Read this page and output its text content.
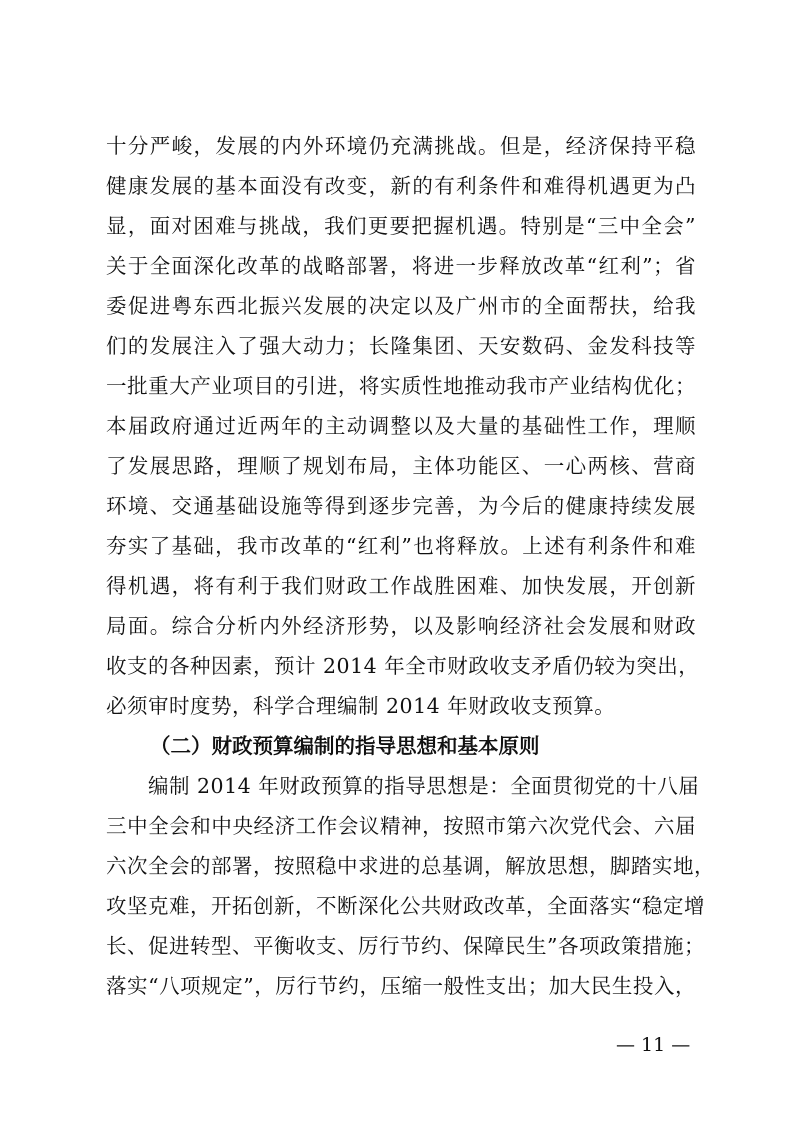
十分严峻，发展的内外环境仍充满挑战。但是，经济保持平稳
健康发展的基本面没有改变，新的有利条件和难得机遇更为凸
显，面对困难与挑战，我们更要把握机遇。特别是“三中全会”
关于全面深化改革的战略部署，将进一步释放改革“红利”；省
委促进粤东西北振兴发展的决定以及广州市的全面帮扶，给我
们的发展注入了强大动力；长隆集团、天安数码、金发科技等
一批重大产业项目的引进，将实质性地推动我市产业结构优化；
本届政府通过近两年的主动调整以及大量的基础性工作，理顺
了发展思路，理顺了规划布局，主体功能区、一心两核、营商
环境、交通基础设施等得到逐步完善，为今后的健康持续发展
夯实了基础，我市改革的“红利”也将释放。上述有利条件和难
得机遇，将有利于我们财政工作战胜困难、加快发展，开创新
局面。综合分析内外经济形势，以及影响经济社会发展和财政
收支的各种因素，预计 2014 年全市财政收支矛盾仍较为突出，
必须审时度势，科学合理编制 2014 年财政收支预算。
（二）财政预算编制的指导思想和基本原则
编制 2014 年财政预算的指导思想是：全面贯彻党的十八届
三中全会和中央经济工作会议精神，按照市第六次党代会、六届
六次全会的部署，按照稳中求进的总基调，解放思想，脚踏实地，
攻坚克难，开拓创新，不断深化公共财政改革，全面落实“稳定增
长、促进转型、平衡收支、厉行节约、保障民生”各项政策措施；
落实“八项规定”，厉行节约，压缩一般性支出；加大民生投入，
— 11 —
